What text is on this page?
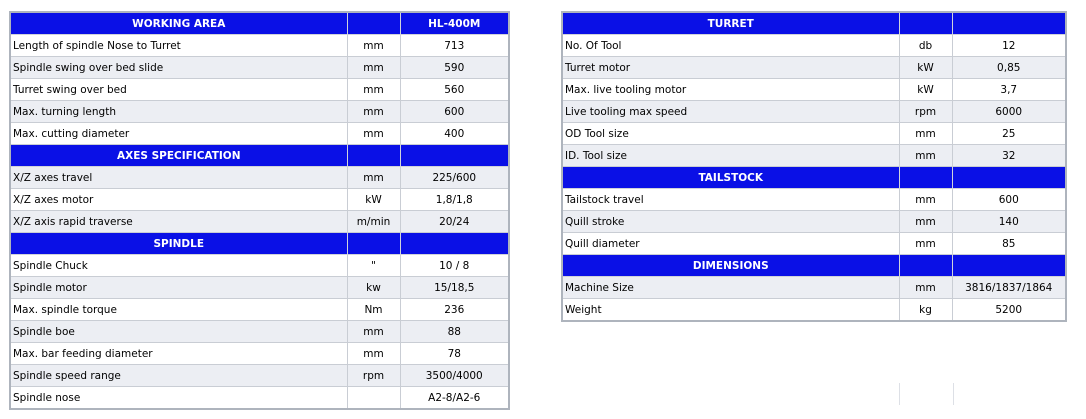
WORKING AREA		HL-400M
Length of spindle Nose to Turret	mm	713
Spindle swing over bed slide	mm	590
Turret swing over bed	mm	560
Max. turning length	mm	600
Max. cutting diameter	mm	400
AXES SPECIFICATION		
X/Z axes travel	mm	225/600
X/Z axes motor	kW	1,8/1,8
X/Z axis rapid traverse	m/min	20/24
SPINDLE		
Spindle Chuck	"	10 / 8
Spindle motor	kw	15/18,5
Max. spindle torque	Nm	236
Spindle boe	mm	88
Max. bar feeding diameter	mm	78
Spindle speed range	rpm	3500/4000
Spindle nose		A2-8/A2-6
TURRET		
No. Of Tool	db	12
Turret motor	kW	0,85
Max. live tooling motor	kW	3,7
Live tooling max speed	rpm	6000
OD Tool size	mm	25
ID. Tool size	mm	32
TAILSTOCK		
Tailstock travel	mm	600
Quill stroke	mm	140
Quill diameter	mm	85
DIMENSIONS		
Machine Size	mm	3816/1837/1864
Weight	kg	5200
